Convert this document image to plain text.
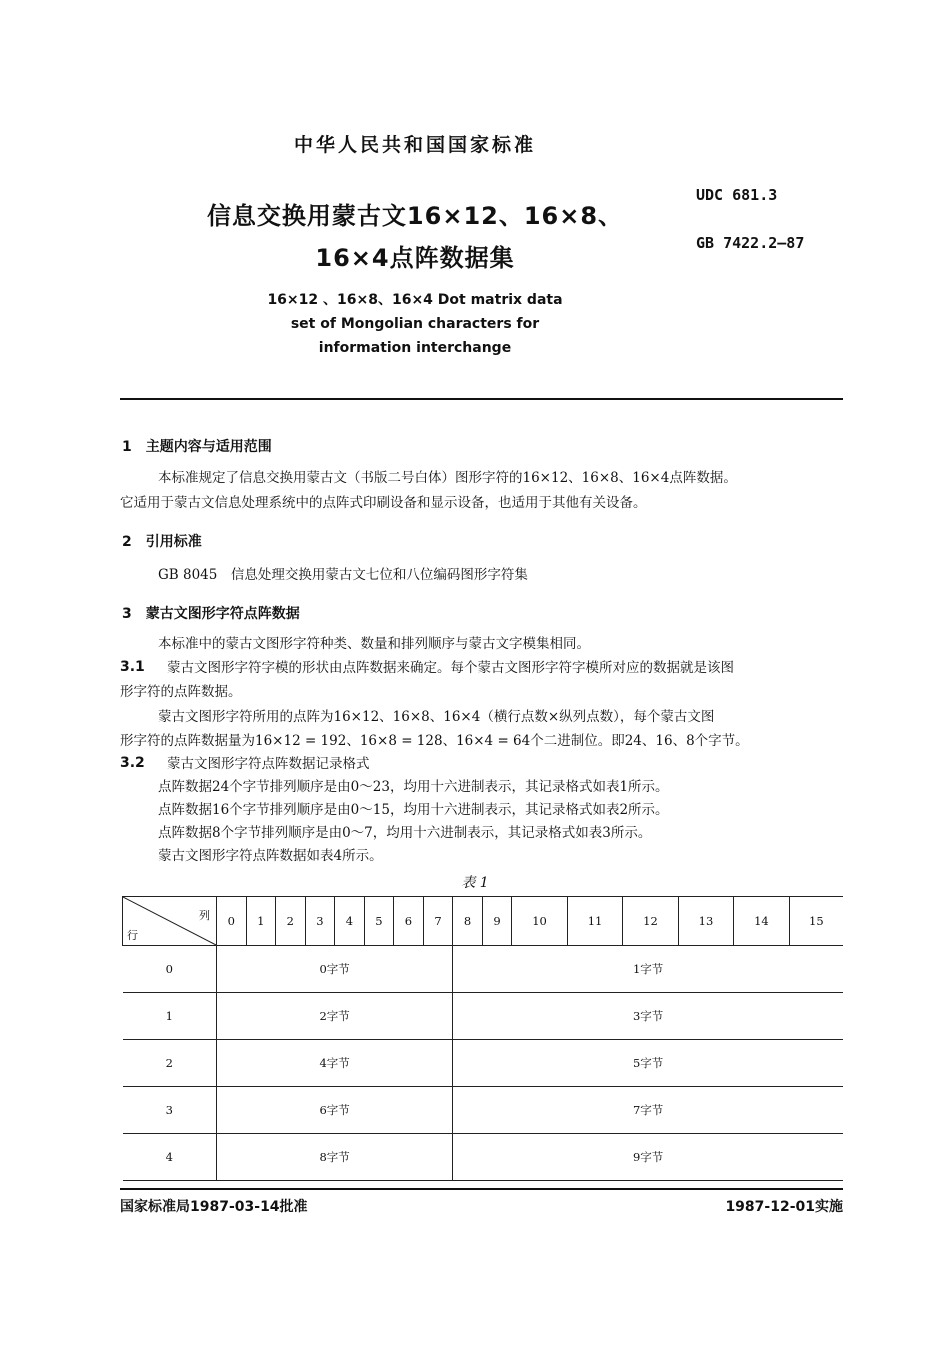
中华人民共和国国家标准
信息交换用蒙古文16×12、16×8、
16×4点阵数据集
UDC 681.3
GB 7422.2—87
16×12 、16×8、16×4 Dot matrix data
set of Mongolian characters for
information interchange
1　主题内容与适用范围
本标准规定了信息交换用蒙古文（书版二号白体）图形字符的16×12、16×8、16×4点阵数据。
它适用于蒙古文信息处理系统中的点阵式印刷设备和显示设备，也适用于其他有关设备。
2　引用标准
GB 8045　信息处理交换用蒙古文七位和八位编码图形字符集
3　蒙古文图形字符点阵数据
本标准中的蒙古文图形字符种类、数量和排列顺序与蒙古文字模集相同。
3.1 蒙古文图形字符字模的形状由点阵数据来确定。每个蒙古文图形字符字模所对应的数据就是该图
形字符的点阵数据。
蒙古文图形字符所用的点阵为16×12、16×8、16×4（横行点数×纵列点数），每个蒙古文图
形字符的点阵数据量为16×12 = 192、16×8 = 128、16×4 = 64个二进制位。即24、16、8个字节。
3.2 蒙古文图形字符点阵数据记录格式
点阵数据24个字节排列顺序是由0～23，均用十六进制表示，其记录格式如表1所示。
点阵数据16个字节排列顺序是由0～15，均用十六进制表示，其记录格式如表2所示。
点阵数据8个字节排列顺序是由0～7，均用十六进制表示，其记录格式如表3所示。
蒙古文图形字符点阵数据如表4所示。
表 1
列
行	0	1	2	3	4	5	6	7	8	9	10	11	12	13	14	15
0	0字节								1字节							
1	2字节								3字节							
2	4字节								5字节							
3	6字节								7字节							
4	8字节								9字节							
国家标准局1987-03-14批准	1987-12-01实施
